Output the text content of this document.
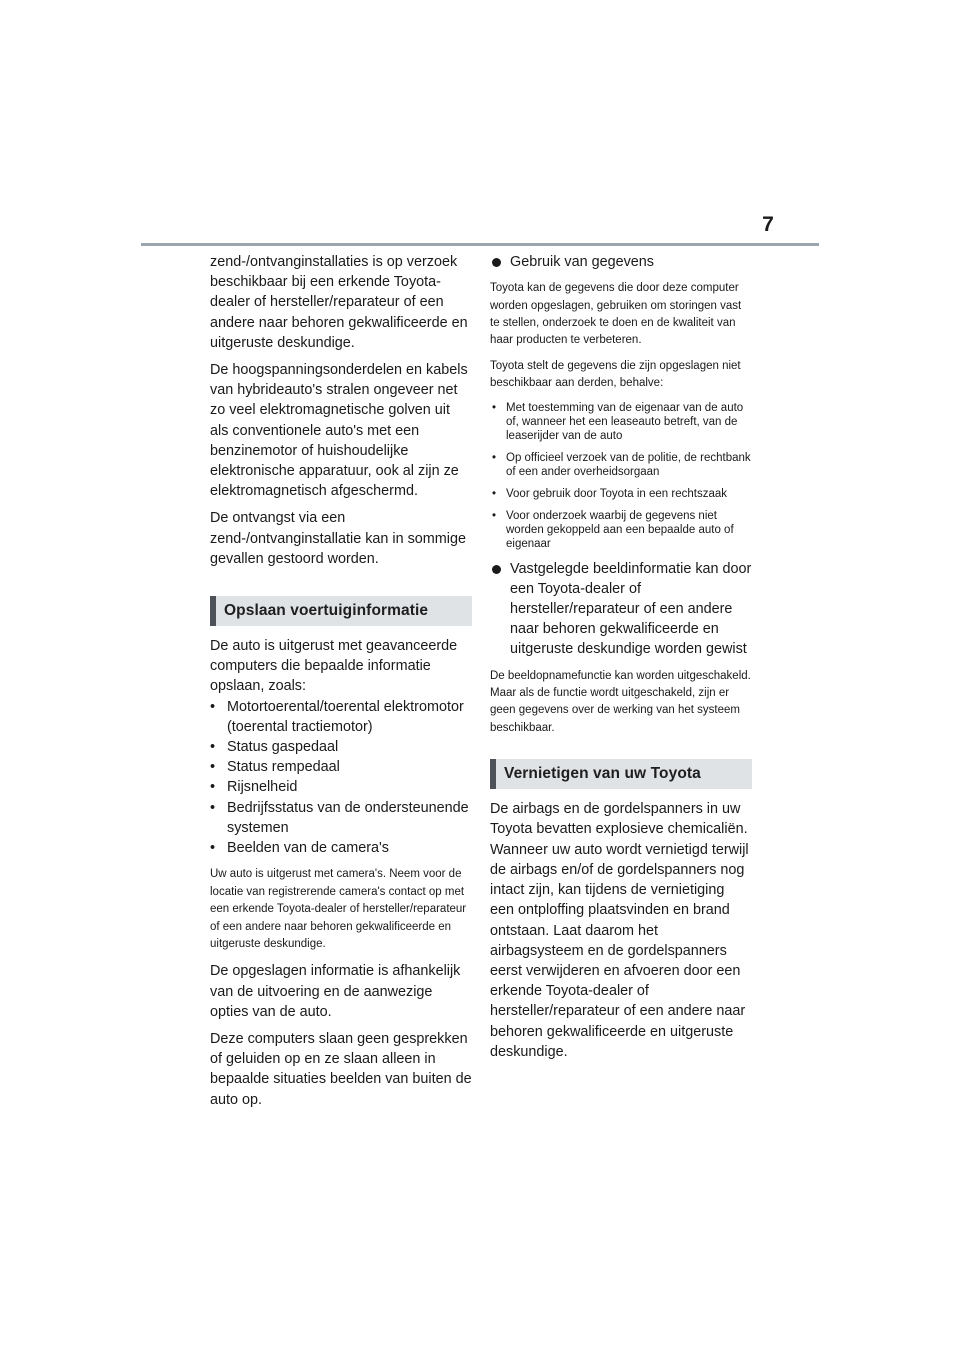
7

zend-/ontvanginstallaties is op verzoek beschikbaar bij een erkende Toyota-dealer of hersteller/reparateur of een andere naar behoren gekwalificeerde en uitgeruste deskundige.

De hoogspanningsonderdelen en kabels van hybrideauto's stralen ongeveer net zo veel elektromagnetische golven uit als conventionele auto's met een benzinemotor of huishoudelijke elektronische apparatuur, ook al zijn ze elektromagnetisch afgeschermd.

De ontvangst via een zend-/ontvanginstallatie kan in sommige gevallen gestoord worden.

Opslaan voertuiginformatie

De auto is uitgerust met geavanceerde computers die bepaalde informatie opslaan, zoals:

• Motortoerental/toerental elektromotor (toerental tractiemotor)
• Status gaspedaal
• Status rempedaal
• Rijsnelheid
• Bedrijfsstatus van de ondersteunende systemen
• Beelden van de camera's

Uw auto is uitgerust met camera's. Neem voor de locatie van registrerende camera's contact op met een erkende Toyota-dealer of hersteller/reparateur of een andere naar behoren gekwalificeerde en uitgeruste deskundige.

De opgeslagen informatie is afhankelijk van de uitvoering en de aanwezige opties van de auto.

Deze computers slaan geen gesprekken of geluiden op en ze slaan alleen in bepaalde situaties beelden van buiten de auto op.

Gebruik van gegevens

Toyota kan de gegevens die door deze computer worden opgeslagen, gebruiken om storingen vast te stellen, onderzoek te doen en de kwaliteit van haar producten te verbeteren.

Toyota stelt de gegevens die zijn opgeslagen niet beschikbaar aan derden, behalve:

• Met toestemming van de eigenaar van de auto of, wanneer het een leaseauto betreft, van de leaserijder van de auto
• Op officieel verzoek van de politie, de rechtbank of een ander overheidsorgaan
• Voor gebruik door Toyota in een rechtszaak
• Voor onderzoek waarbij de gegevens niet worden gekoppeld aan een bepaalde auto of eigenaar
Vastgelegde beeldinformatie kan door een Toyota-dealer of hersteller/reparateur of een andere naar behoren gekwalificeerde en uitgeruste deskundige worden gewist

De beeldopnamefunctie kan worden uitgeschakeld. Maar als de functie wordt uitgeschakeld, zijn er geen gegevens over de werking van het systeem beschikbaar.

Vernietigen van uw Toyota

De airbags en de gordelspanners in uw Toyota bevatten explosieve chemicaliën. Wanneer uw auto wordt vernietigd terwijl de airbags en/of de gordelspanners nog intact zijn, kan tijdens de vernietiging een ontploffing plaatsvinden en brand ontstaan. Laat daarom het airbagsysteem en de gordelspanners eerst verwijderen en afvoeren door een erkende Toyota-dealer of hersteller/reparateur of een andere naar behoren gekwalificeerde en uitgeruste deskundige.
